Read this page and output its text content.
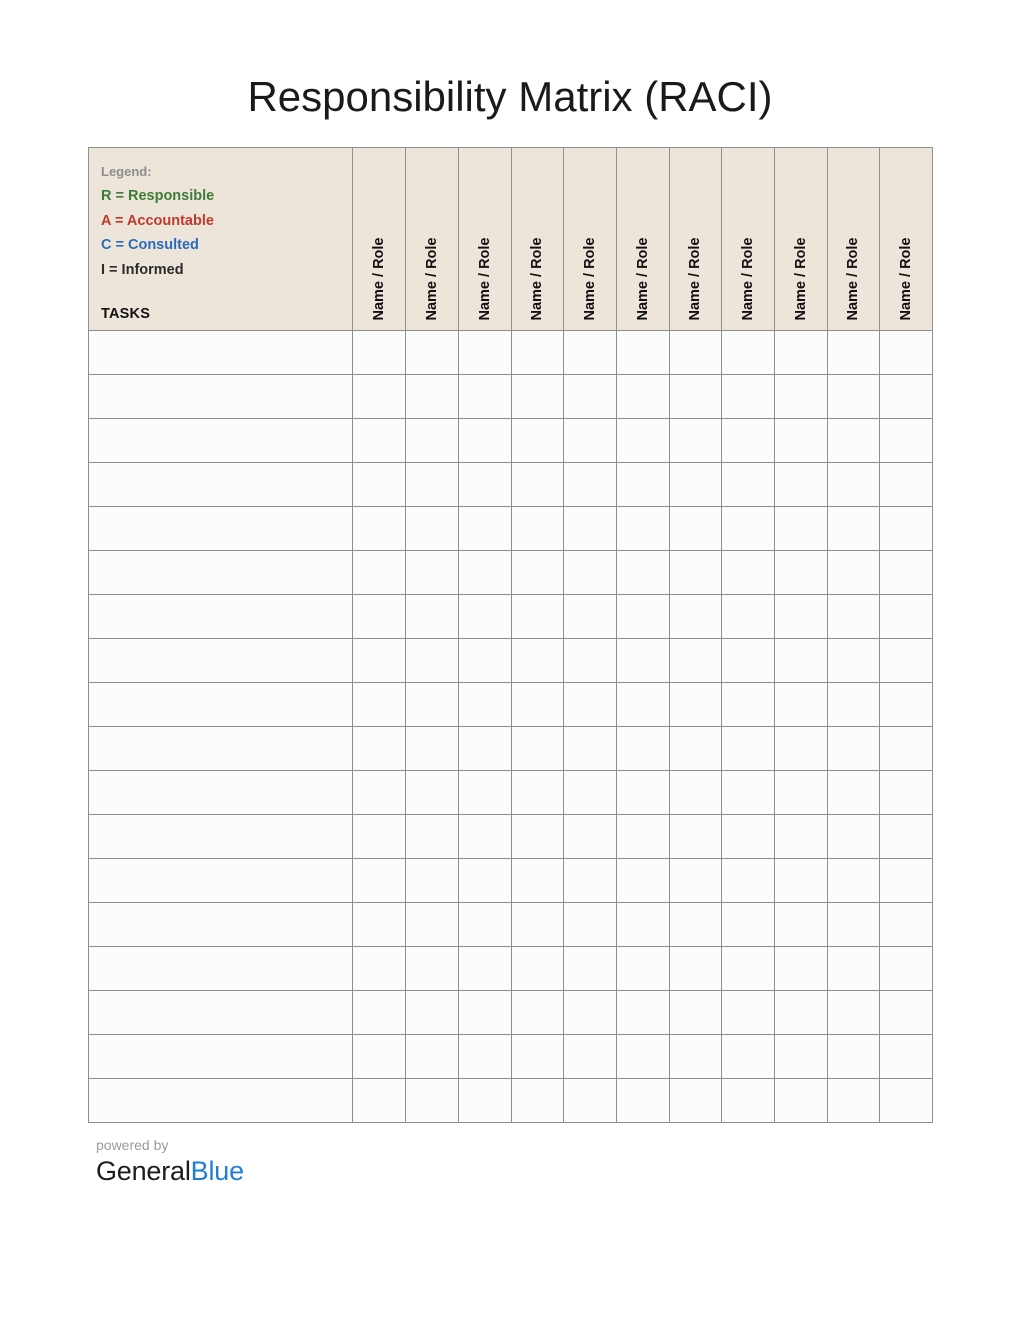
Responsibility Matrix (RACI)
Legend:
R = Responsible
A = Accountable
C = Consulted
I = Informed
TASKS	Name / Role	Name / Role	Name / Role	Name / Role	Name / Role	Name / Role	Name / Role	Name / Role	Name / Role	Name / Role	Name / Role

powered by
GeneralBlue
